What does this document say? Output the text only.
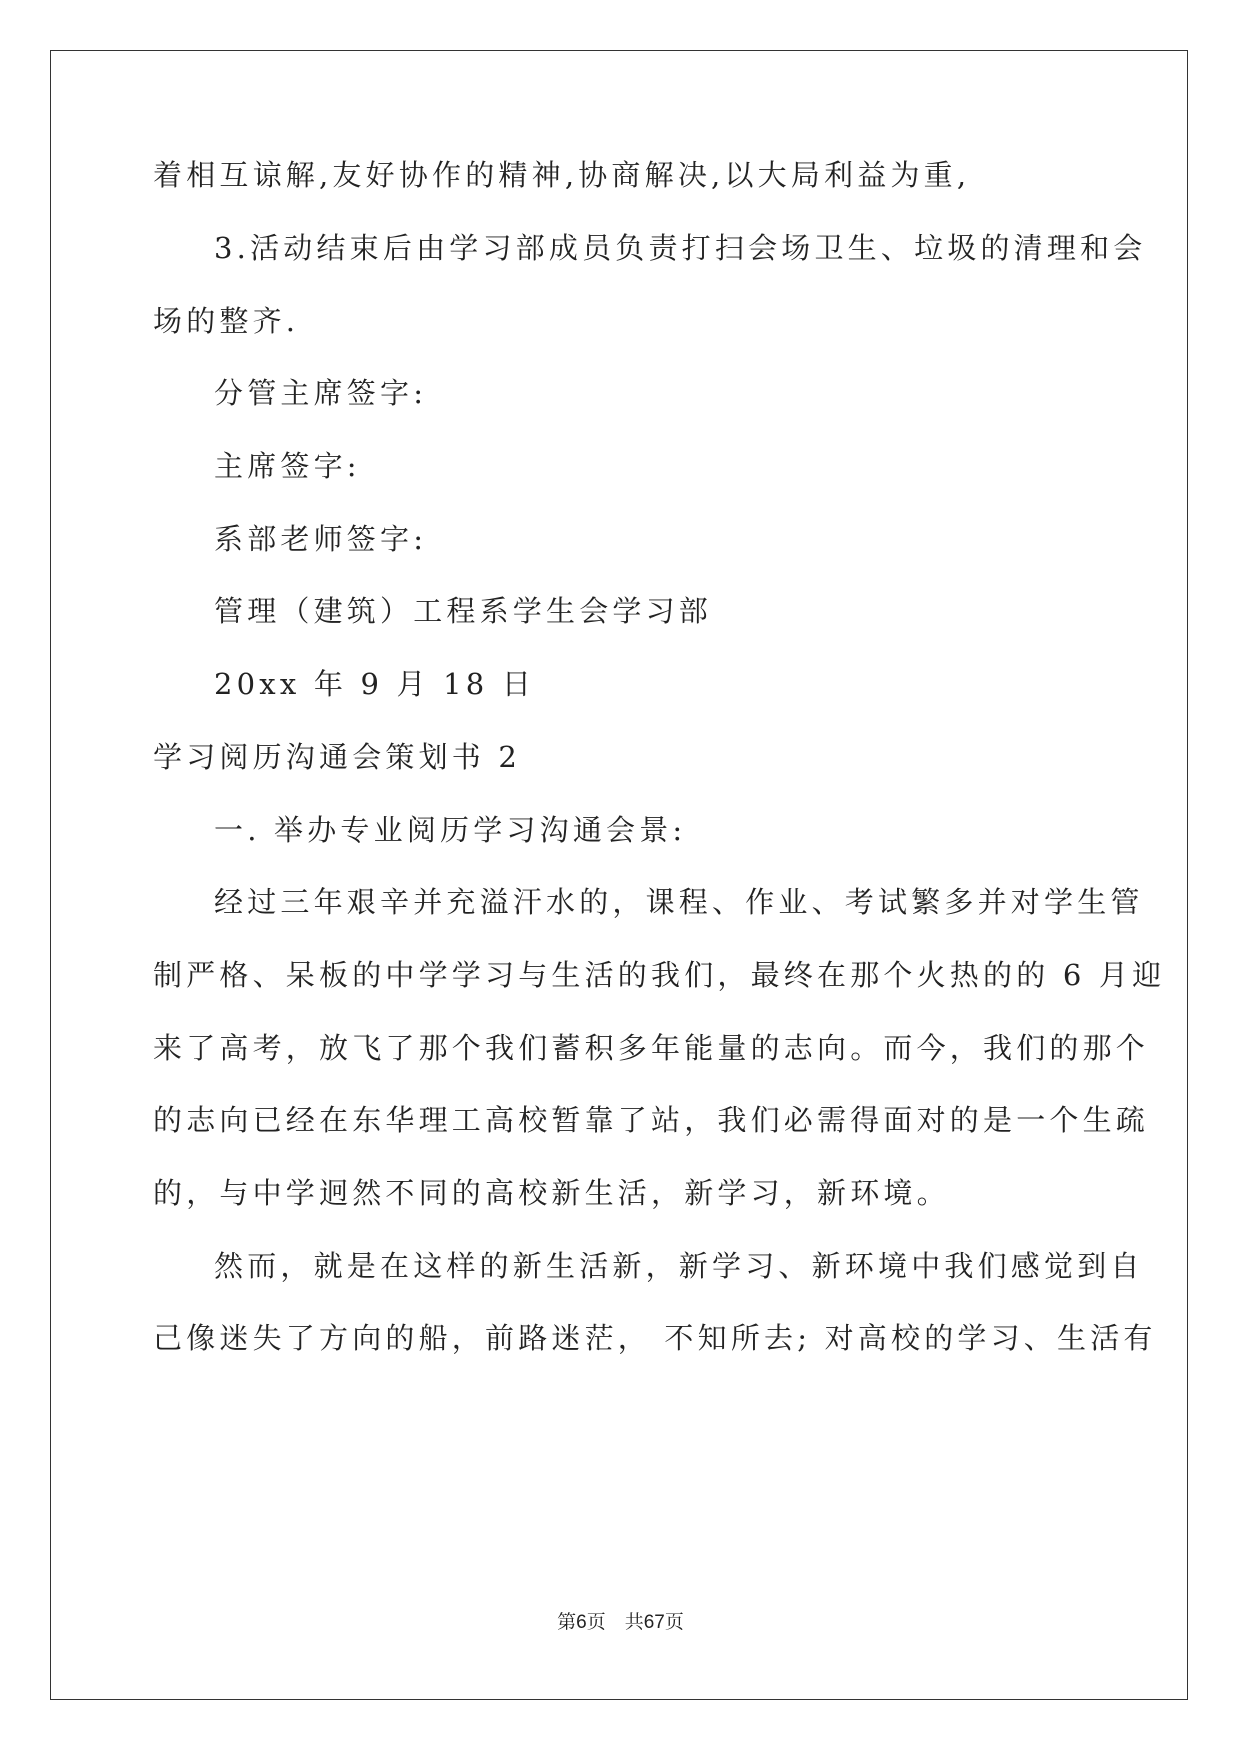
着相互谅解,友好协作的精神,协商解决,以大局利益为重,
3.活动结束后由学习部成员负责打扫会场卫生、垃圾的清理和会
场的整齐.
分管主席签字:
主席签字:
系部老师签字:
管理（建筑）工程系学生会学习部
20xx 年 9 月 18 日
学习阅历沟通会策划书 2
一. 举办专业阅历学习沟通会景:
经过三年艰辛并充溢汗水的，课程、作业、考试繁多并对学生管
制严格、呆板的中学学习与生活的我们，最终在那个火热的的 6 月迎
来了高考，放飞了那个我们蓄积多年能量的志向。而今，我们的那个
的志向已经在东华理工高校暂靠了站，我们必需得面对的是一个生疏
的，与中学迥然不同的高校新生活，新学习，新环境。
然而，就是在这样的新生活新，新学习、新环境中我们感觉到自
己像迷失了方向的船，前路迷茫， 不知所去; 对高校的学习、生活有
第6页　共67页
